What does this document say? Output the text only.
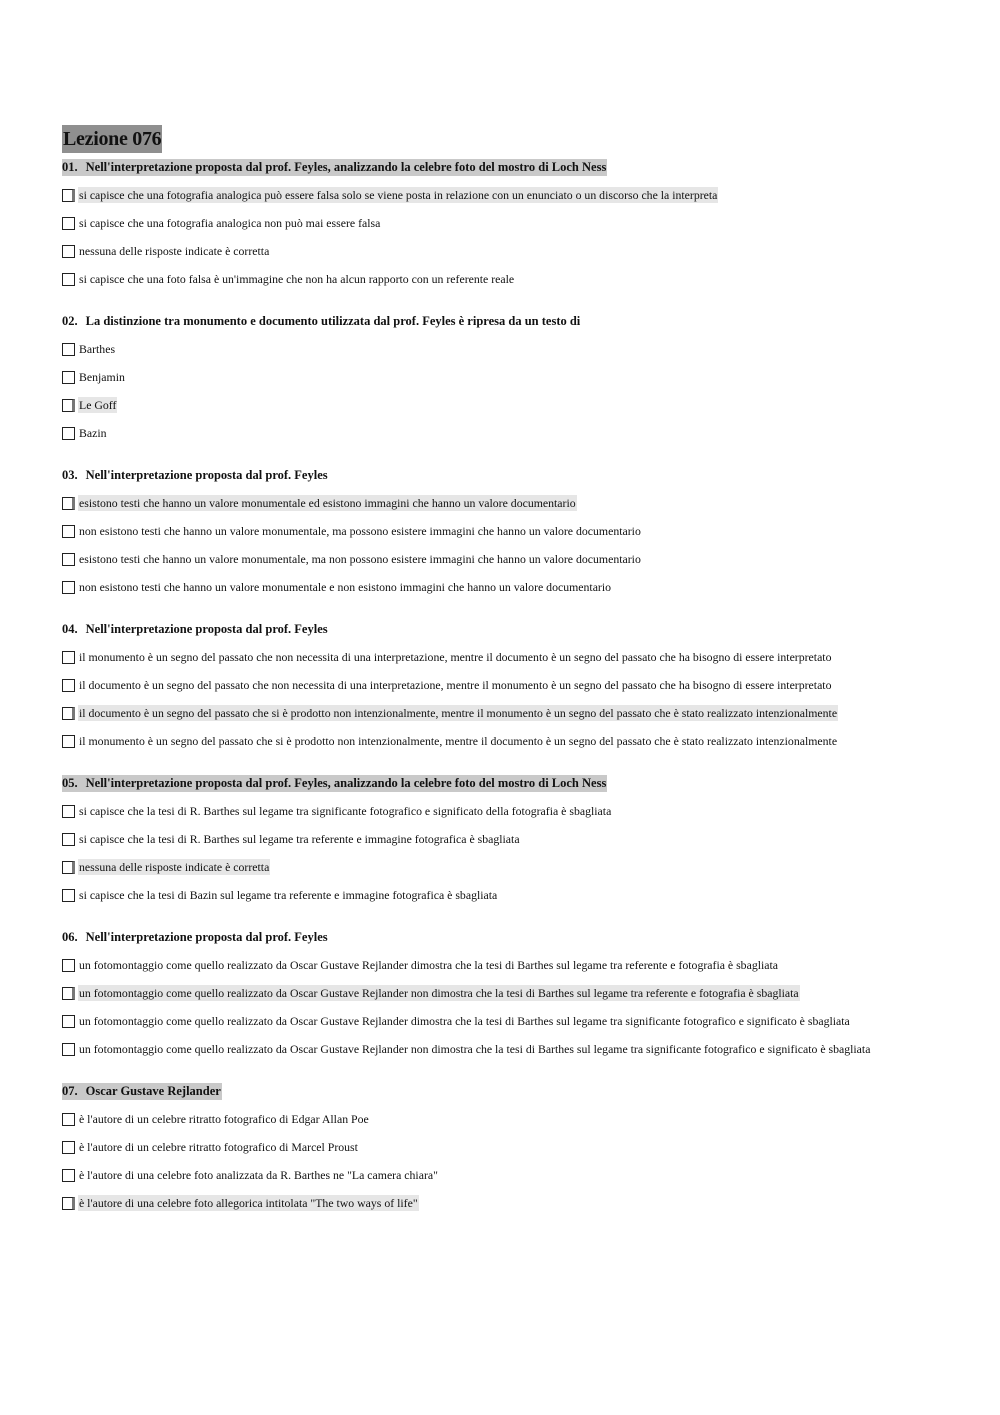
Lezione 076
01. Nell'interpretazione proposta dal prof. Feyles, analizzando la celebre foto del mostro di Loch Ness
si capisce che una fotografia analogica può essere falsa solo se viene posta in relazione con un enunciato o un discorso che la interpreta
si capisce che una fotografia analogica non può mai essere falsa
nessuna delle risposte indicate è corretta
si capisce che una foto falsa è un'immagine che non ha alcun rapporto con un referente reale
02. La distinzione tra monumento e documento utilizzata dal prof. Feyles è ripresa da un testo di
Barthes
Benjamin
Le Goff
Bazin
03. Nell'interpretazione proposta dal prof. Feyles
esistono testi che hanno un valore monumentale ed esistono immagini che hanno un valore documentario
non esistono testi che hanno un valore monumentale, ma possono esistere immagini che hanno un valore documentario
esistono testi che hanno un valore monumentale, ma non possono esistere immagini che hanno un valore documentario
non esistono testi che hanno un valore monumentale e non esistono immagini che hanno un valore documentario
04. Nell'interpretazione proposta dal prof. Feyles
il monumento è un segno del passato che non necessita di una interpretazione, mentre il documento è un segno del passato che ha bisogno di essere interpretato
il documento è un segno del passato che non necessita di una interpretazione, mentre il monumento è un segno del passato che ha bisogno di essere interpretato
il documento è un segno del passato che si è prodotto non intenzionalmente, mentre il monumento è un segno del passato che è stato realizzato intenzionalmente
il monumento è un segno del passato che si è prodotto non intenzionalmente, mentre il documento è un segno del passato che è stato realizzato intenzionalmente
05. Nell'interpretazione proposta dal prof. Feyles, analizzando la celebre foto del mostro di Loch Ness
si capisce che la tesi di R. Barthes sul legame tra significante fotografico e significato della fotografia è sbagliata
si capisce che la tesi di R. Barthes sul legame tra referente e immagine fotografica è sbagliata
nessuna delle risposte indicate è corretta
si capisce che la tesi di Bazin sul legame tra referente e immagine fotografica è sbagliata
06. Nell'interpretazione proposta dal prof. Feyles
un fotomontaggio come quello realizzato da Oscar Gustave Rejlander dimostra che la tesi di Barthes sul legame tra referente e fotografia è sbagliata
un fotomontaggio come quello realizzato da Oscar Gustave Rejlander non dimostra che la tesi di Barthes sul legame tra referente e fotografia è sbagliata
un fotomontaggio come quello realizzato da Oscar Gustave Rejlander dimostra che la tesi di Barthes sul legame tra significante fotografico e significato è sbagliata
un fotomontaggio come quello realizzato da Oscar Gustave Rejlander non dimostra che la tesi di Barthes sul legame tra significante fotografico e significato è sbagliata
07. Oscar Gustave Rejlander
è l'autore di un celebre ritratto fotografico di Edgar Allan Poe
è l'autore di un celebre ritratto fotografico di Marcel Proust
è l'autore di una celebre foto analizzata da R. Barthes ne "La camera chiara"
è l'autore di una celebre foto allegorica intitolata "The two ways of life"
